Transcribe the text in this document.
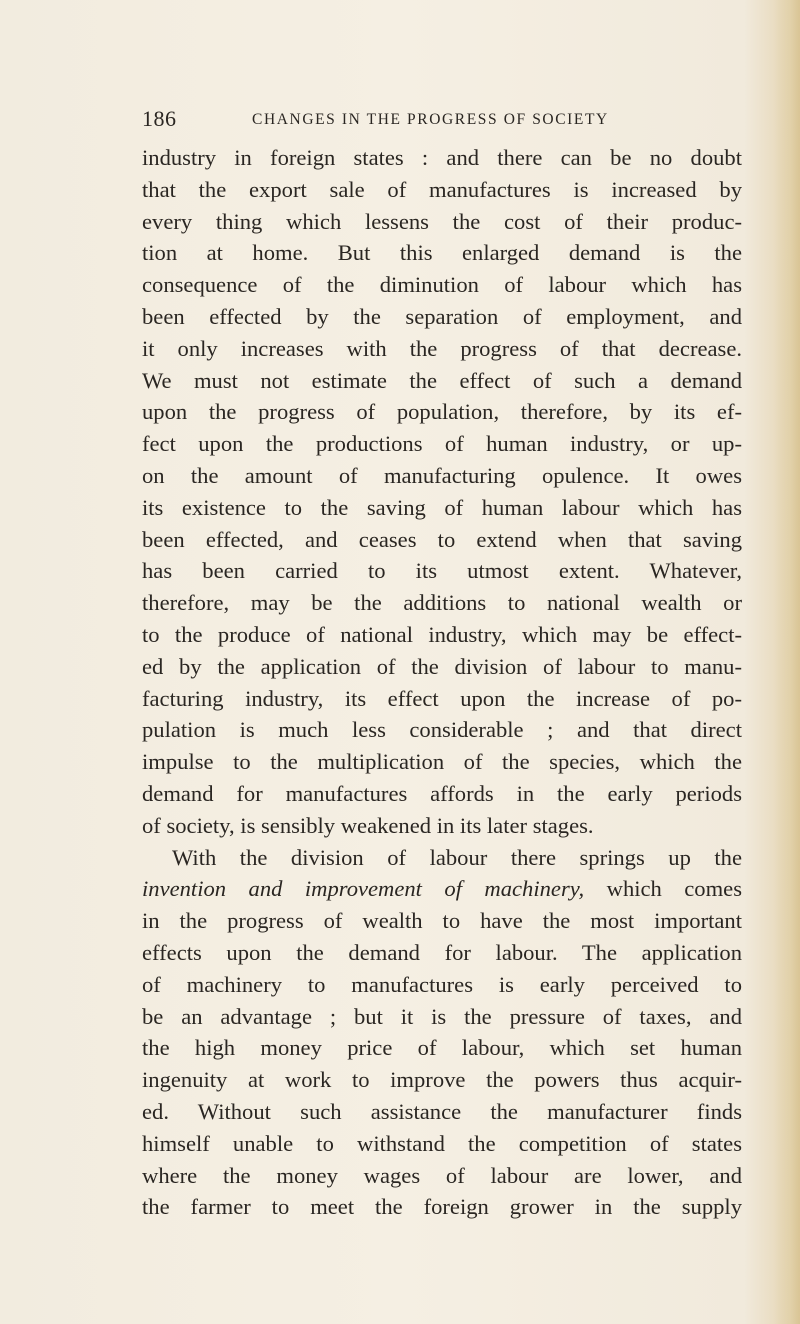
186	CHANGES IN THE PROGRESS OF SOCIETY
industry in foreign states : and there can be no doubt
that the export sale of manufactures is increased by
every thing which lessens the cost of their produc-
tion at home. But this enlarged demand is the
consequence of the diminution of labour which has
been effected by the separation of employment, and
it only increases with the progress of that decrease.
We must not estimate the effect of such a demand
upon the progress of population, therefore, by its ef-
fect upon the productions of human industry, or up-
on the amount of manufacturing opulence. It owes
its existence to the saving of human labour which has
been effected, and ceases to extend when that saving
has been carried to its utmost extent. Whatever,
therefore, may be the additions to national wealth or
to the produce of national industry, which may be effect-
ed by the application of the division of labour to manu-
facturing industry, its effect upon the increase of po-
pulation is much less considerable ; and that direct
impulse to the multiplication of the species, which the
demand for manufactures affords in the early periods
of society, is sensibly weakened in its later stages.
With the division of labour there springs up the
invention and improvement of machinery, which comes
in the progress of wealth to have the most important
effects upon the demand for labour. The application
of machinery to manufactures is early perceived to
be an advantage ; but it is the pressure of taxes, and
the high money price of labour, which set human
ingenuity at work to improve the powers thus acquir-
ed. Without such assistance the manufacturer finds
himself unable to withstand the competition of states
where the money wages of labour are lower, and
the farmer to meet the foreign grower in the supply
